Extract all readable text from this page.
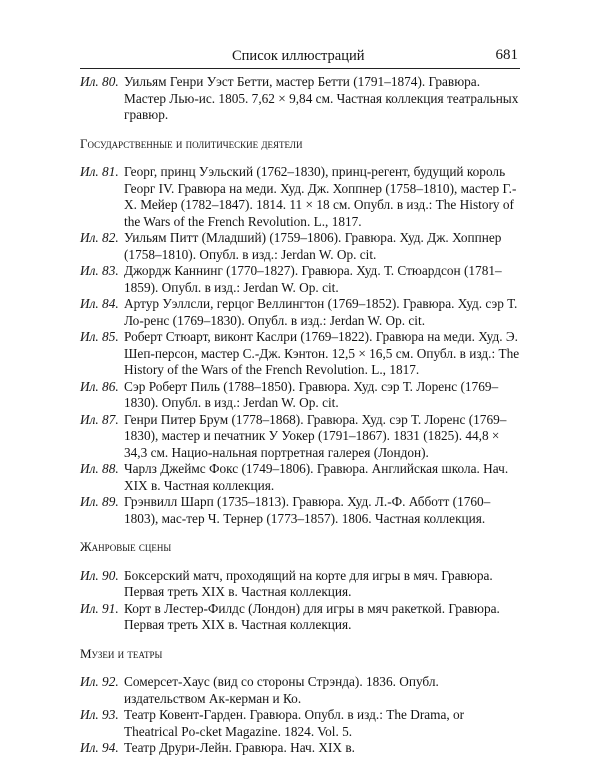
Список иллюстраций	681
Ил. 80. Уильям Генри Уэст Бетти, мастер Бетти (1791–1874). Гравюра. Мастер Лью-ис. 1805. 7,62 × 9,84 см. Частная коллекция театральных гравюр.
Государственные и политические деятели
Ил. 81. Георг, принц Уэльский (1762–1830), принц-регент, будущий король Георг IV. Гравюра на меди. Худ. Дж. Хоппнер (1758–1810), мастер Г.-Х. Мейер (1782–1847). 1814. 11 × 18 см. Опубл. в изд.: The History of the Wars of the French Revolution. L., 1817.
Ил. 82. Уильям Питт (Младший) (1759–1806). Гравюра. Худ. Дж. Хоппнер (1758–1810). Опубл. в изд.: Jerdan W. Op. cit.
Ил. 83. Джордж Каннинг (1770–1827). Гравюра. Худ. Т. Стюардсон (1781–1859). Опубл. в изд.: Jerdan W. Op. cit.
Ил. 84. Артур Уэллсли, герцог Веллингтон (1769–1852). Гравюра. Худ. сэр Т. Ло-ренс (1769–1830). Опубл. в изд.: Jerdan W. Op. cit.
Ил. 85. Роберт Стюарт, виконт Каслри (1769–1822). Гравюра на меди. Худ. Э. Шеп-персон, мастер С.-Дж. Кэнтон. 12,5 × 16,5 см. Опубл. в изд.: The History of the Wars of the French Revolution. L., 1817.
Ил. 86. Сэр Роберт Пиль (1788–1850). Гравюра. Худ. сэр Т. Лоренс (1769–1830). Опубл. в изд.: Jerdan W. Op. cit.
Ил. 87. Генри Питер Брум (1778–1868). Гравюра. Худ. сэр Т. Лоренс (1769–1830), мастер и печатник У Уокер (1791–1867). 1831 (1825). 44,8 × 34,3 см. Нацио-нальная портретная галерея (Лондон).
Ил. 88. Чарлз Джеймс Фокс (1749–1806). Гравюра. Английская школа. Нач. XIX в. Частная коллекция.
Ил. 89. Грэнвилл Шарп (1735–1813). Гравюра. Худ. Л.-Ф. Абботт (1760–1803), мас-тер Ч. Тернер (1773–1857). 1806. Частная коллекция.
Жанровые сцены
Ил. 90. Боксерский матч, проходящий на корте для игры в мяч. Гравюра. Первая треть XIX в. Частная коллекция.
Ил. 91. Корт в Лестер-Филдс (Лондон) для игры в мяч ракеткой. Гравюра. Первая треть XIX в. Частная коллекция.
Музеи и театры
Ил. 92. Сомерсет-Хаус (вид со стороны Стрэнда). 1836. Опубл. издательством Ак-керман и Ко.
Ил. 93. Театр Ковент-Гарден. Гравюра. Опубл. в изд.: The Drama, or Theatrical Po-cket Magazine. 1824. Vol. 5.
Ил. 94. Театр Друри-Лейн. Гравюра. Нач. XIX в.
